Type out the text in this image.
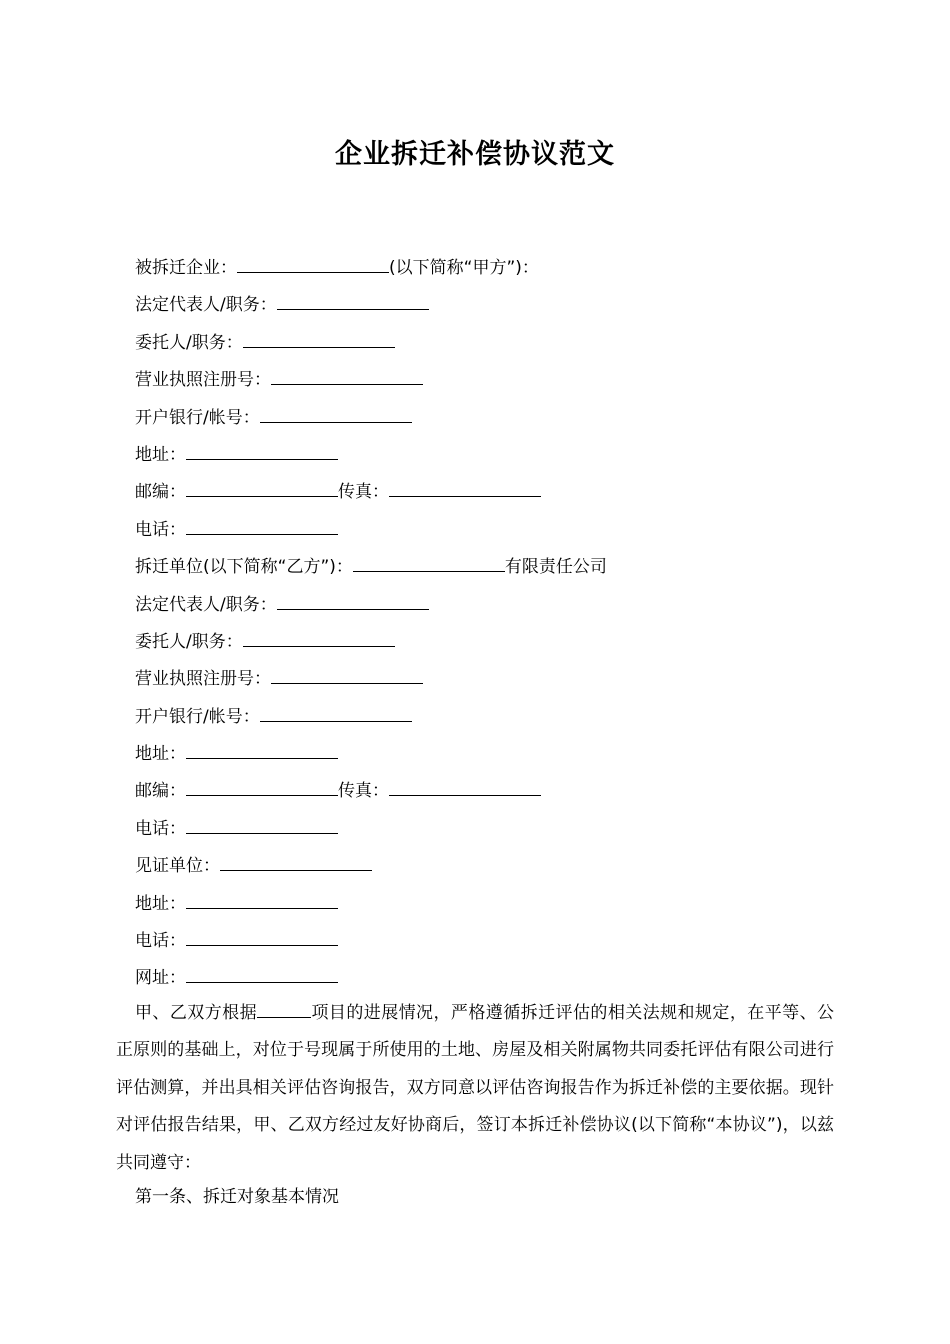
企业拆迁补偿协议范文
被拆迁企业：	(以下简称“甲方”)：
法定代表人/职务：
委托人/职务：
营业执照注册号：
开户银行/帐号：
地址：
邮编：	传真：
电话：
拆迁单位(以下简称“乙方”)：	有限责任公司
法定代表人/职务：
委托人/职务：
营业执照注册号：
开户银行/帐号：
地址：
邮编：	传真：
电话：
见证单位：
地址：
电话：
网址：
甲、乙双方根据	项目的进展情况，严格遵循拆迁评估的相关法规和规定，在平等、公正原则的基础上，对位于号现属于所使用的土地、房屋及相关附属物共同委托评估有限公司进行评估测算，并出具相关评估咨询报告，双方同意以评估咨询报告作为拆迁补偿的主要依据。现针对评估报告结果，甲、乙双方经过友好协商后，签订本拆迁补偿协议(以下简称“本协议”)，以兹共同遵守：
第一条、拆迁对象基本情况
